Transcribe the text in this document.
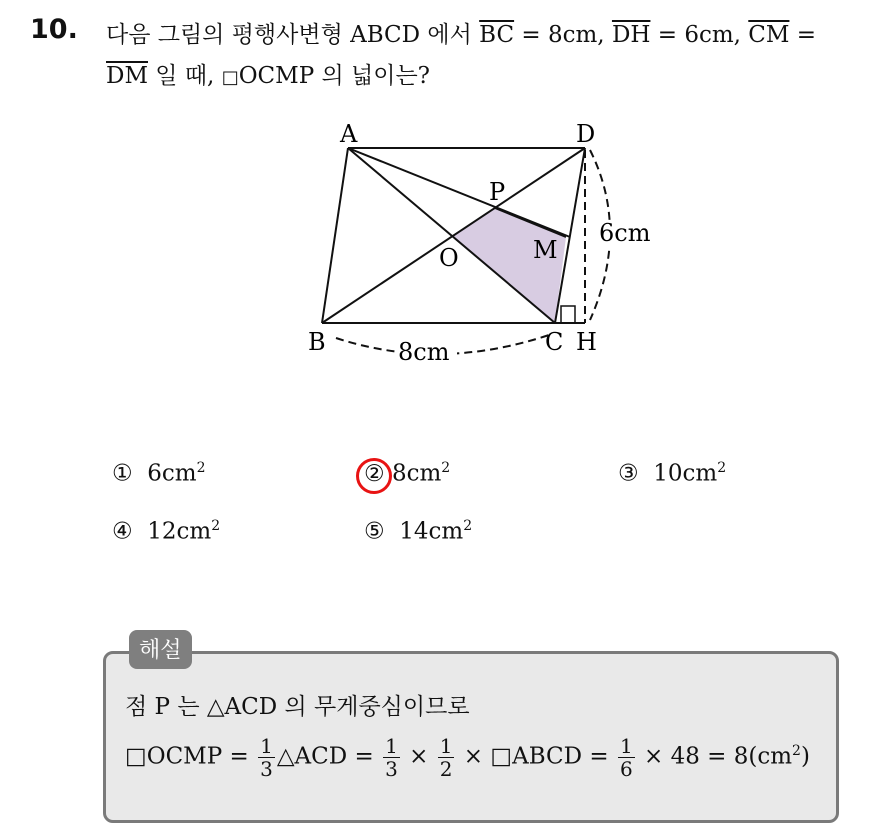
10. 다음 그림의 평행사변형 ABCD 에서 $\overline{BC} = 8cm$, $\overline{DH} = 6cm$, $\overline{CM}$ =
$\overline{DM}$ 일 때, □OCMP 의 넓이는?
A	D
B	C H
P
O	M
6cm
8cm
① $6cm^2$	② $8cm^2$	③ $10cm^2$
④ $12cm^2$	⑤ $14cm^2$
해설
점 P 는 △ACD 의 무게중심이므로
□OCMP = $\frac{1}{3}$ △ACD = $\frac{1}{3} \times \frac{1}{2}$ × □ABCD = $\frac{1}{6} \times 48 = 8(cm^2)$
